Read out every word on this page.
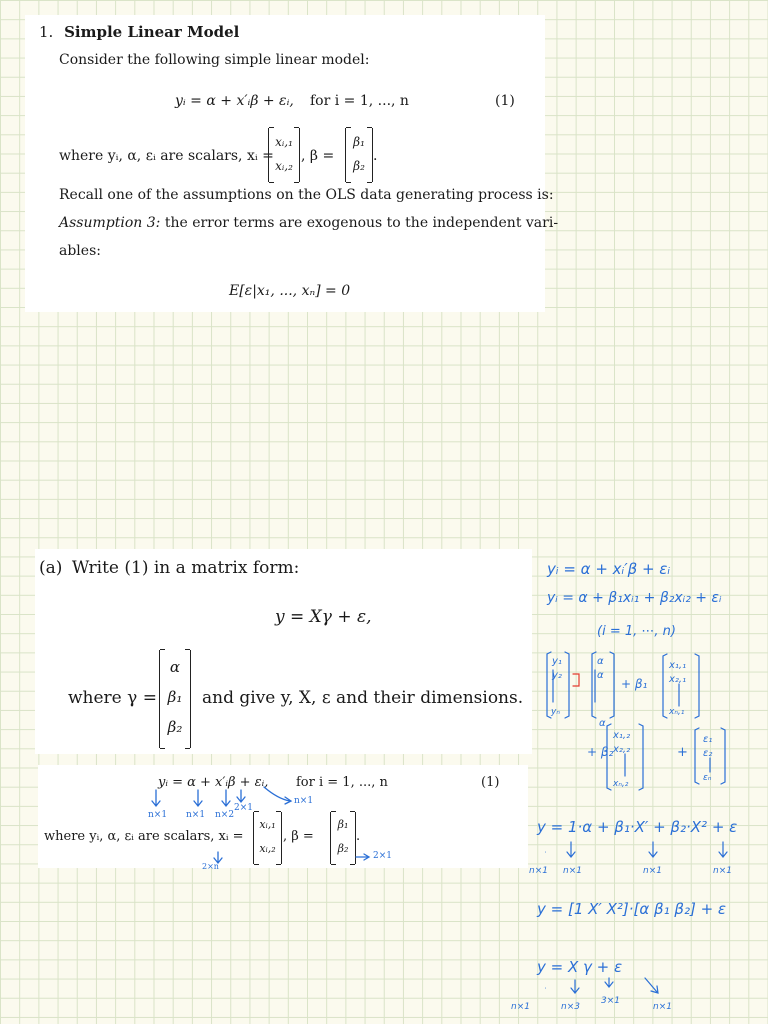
1. Simple Linear Model
Consider the following simple linear model:
yᵢ = α + x′ᵢβ + εᵢ, for i = 1, ..., n	(1)
where yᵢ, α, εᵢ are scalars, xᵢ =
xᵢ,₁
xᵢ,₂
, β =
β₁
β₂
.
Recall one of the assumptions on the OLS data generating process is:
Assumption 3: the error terms are exogenous to the independent vari-
ables:
E[ε|x₁, ..., xₙ] = 0
(a) Write (1) in a matrix form:
y = Xγ + ε,
where γ =
α
β₁
β₂
and give y, X, ε and their dimensions.
yᵢ = α + x′ᵢβ + εᵢ, for i = 1, ..., n	(1)
where yᵢ, α, εᵢ are scalars, xᵢ =
xᵢ,₁
xᵢ,₂
, β =
β₁
β₂
.
n×1 n×1 n×2
2×1
n×1
2×n
2×1
yᵢ = α + xᵢ′β + εᵢ
yᵢ = α + β₁xᵢ₁ + β₂xᵢ₂ + εᵢ
(i = 1, ⋯, n)
y₁
y₂
yₙ
α
α
α
+ β₁
x₁,₁
x₂,₁
xₙ,₁
+ β₂
x₁,₂
x₂,₂
xₙ,₂
+
ε₁
ε₂
εₙ
y = 1·α + β₁·X′ + β₂·X² + ε
n×1 n×1	n×1	n×1
y = [1 X′ X²]·[α β₁ β₂] + ε
y = X γ + ε
n×1	n×3
3×1
n×1
